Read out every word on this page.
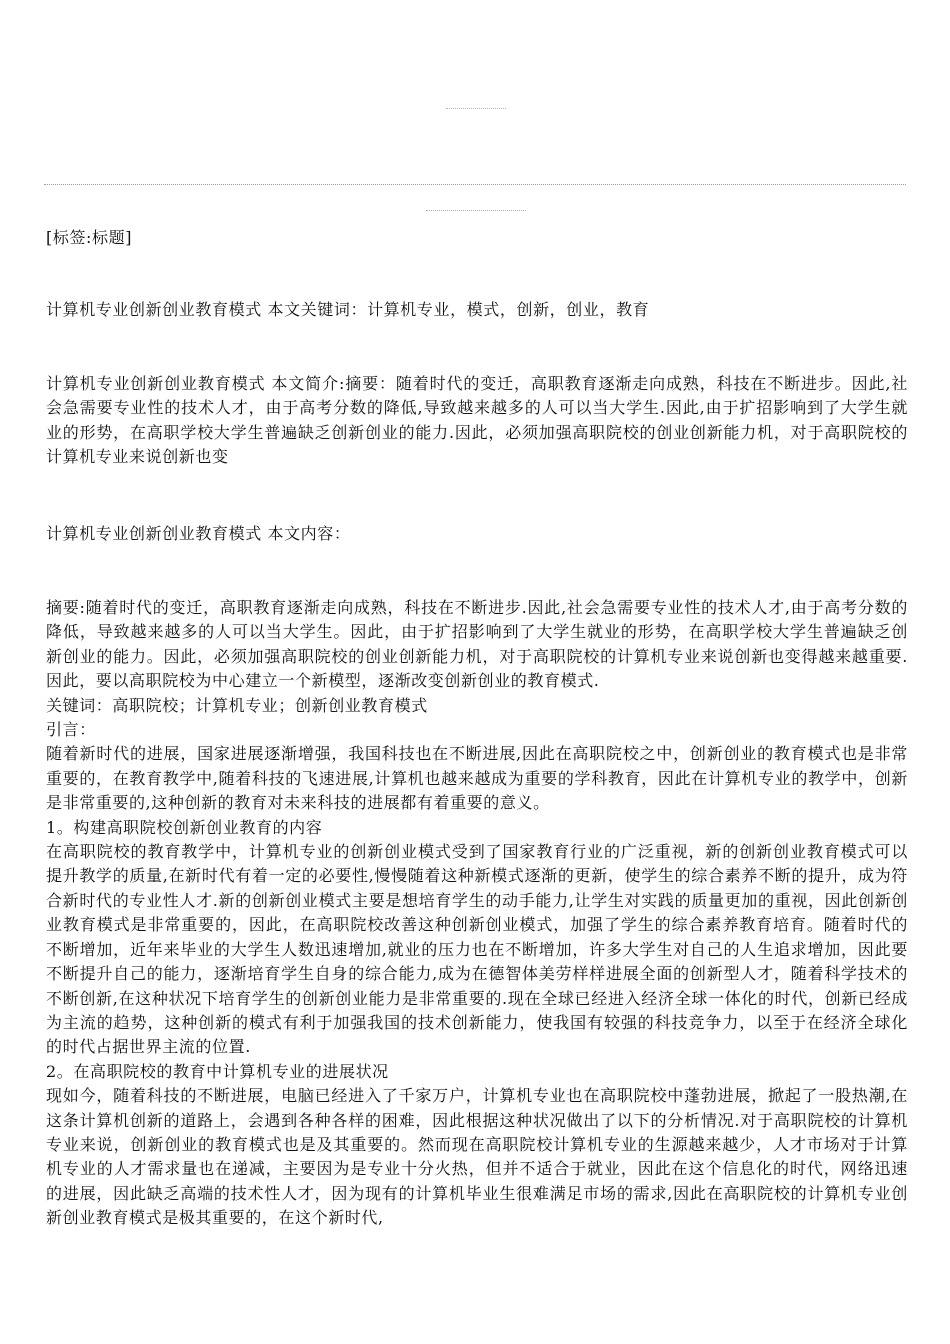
[标签:标题]

计算机专业创新创业教育模式 本文关键词：计算机专业，模式，创新，创业，教育

计算机专业创新创业教育模式 本文简介:摘要：随着时代的变迁，高职教育逐渐走向成熟，科技在不断进步。因此,社会急需要专业性的技术人才，由于高考分数的降低,导致越来越多的人可以当大学生.因此,由于扩招影响到了大学生就业的形势，在高职学校大学生普遍缺乏创新创业的能力.因此，必须加强高职院校的创业创新能力机，对于高职院校的计算机专业来说创新也变

计算机专业创新创业教育模式 本文内容：

摘要:随着时代的变迁，高职教育逐渐走向成熟，科技在不断进步.因此,社会急需要专业性的技术人才,由于高考分数的降低，导致越来越多的人可以当大学生。因此，由于扩招影响到了大学生就业的形势，在高职学校大学生普遍缺乏创新创业的能力。因此，必须加强高职院校的创业创新能力机，对于高职院校的计算机专业来说创新也变得越来越重要.因此，要以高职院校为中心建立一个新模型，逐渐改变创新创业的教育模式.
关键词：高职院校；计算机专业；创新创业教育模式
引言：
随着新时代的进展，国家进展逐渐增强，我国科技也在不断进展,因此在高职院校之中，创新创业的教育模式也是非常重要的，在教育教学中,随着科技的飞速进展,计算机也越来越成为重要的学科教育，因此在计算机专业的教学中，创新是非常重要的,这种创新的教育对未来科技的进展都有着重要的意义。
1。构建高职院校创新创业教育的内容
在高职院校的教育教学中，计算机专业的创新创业模式受到了国家教育行业的广泛重视，新的创新创业教育模式可以提升教学的质量,在新时代有着一定的必要性,慢慢随着这种新模式逐渐的更新，使学生的综合素养不断的提升，成为符合新时代的专业性人才.新的创新创业模式主要是想培育学生的动手能力,让学生对实践的质量更加的重视，因此创新创业教育模式是非常重要的，因此，在高职院校改善这种创新创业模式，加强了学生的综合素养教育培育。随着时代的不断增加，近年来毕业的大学生人数迅速增加,就业的压力也在不断增加，许多大学生对自己的人生追求增加，因此要不断提升自己的能力，逐渐培育学生自身的综合能力,成为在德智体美劳样样进展全面的创新型人才，随着科学技术的不断创新,在这种状况下培育学生的创新创业能力是非常重要的.现在全球已经进入经济全球一体化的时代，创新已经成为主流的趋势，这种创新的模式有利于加强我国的技术创新能力，使我国有较强的科技竞争力，以至于在经济全球化的时代占据世界主流的位置.
2。在高职院校的教育中计算机专业的进展状况
现如今，随着科技的不断进展，电脑已经进入了千家万户，计算机专业也在高职院校中蓬勃进展，掀起了一股热潮,在这条计算机创新的道路上，会遇到各种各样的困难，因此根据这种状况做出了以下的分析情况.对于高职院校的计算机专业来说，创新创业的教育模式也是及其重要的。然而现在高职院校计算机专业的生源越来越少，人才市场对于计算机专业的人才需求量也在递减，主要因为是专业十分火热，但并不适合于就业，因此在这个信息化的时代，网络迅速的进展，因此缺乏高端的技术性人才，因为现有的计算机毕业生很难满足市场的需求,因此在高职院校的计算机专业创新创业教育模式是极其重要的，在这个新时代,
